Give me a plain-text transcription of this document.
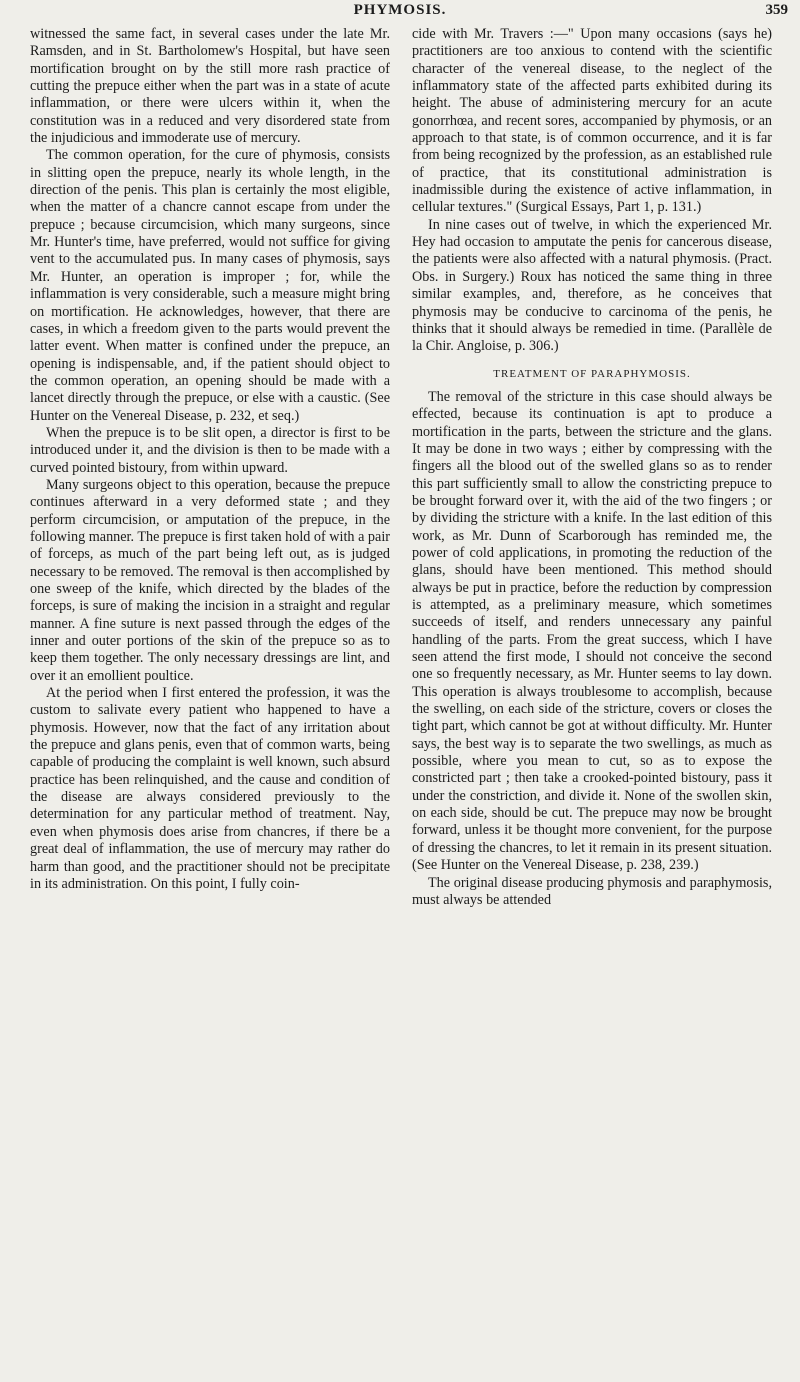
PHYMOSIS.	359

witnessed the same fact, in several cases under the late Mr. Ramsden, and in St. Bartholomew's Hospital, but have seen mortification brought on by the still more rash practice of cutting the prepuce either when the part was in a state of acute inflammation, or there were ulcers within it, when the constitution was in a reduced and very disordered state from the injudicious and immoderate use of mercury.

The common operation, for the cure of phymosis, consists in slitting open the prepuce, nearly its whole length, in the direction of the penis. This plan is certainly the most eligible, when the matter of a chancre cannot escape from under the prepuce ; because circumcision, which many surgeons, since Mr. Hunter's time, have preferred, would not suffice for giving vent to the accumulated pus. In many cases of phymosis, says Mr. Hunter, an operation is improper ; for, while the inflammation is very considerable, such a measure might bring on mortification. He acknowledges, however, that there are cases, in which a freedom given to the parts would prevent the latter event. When matter is confined under the prepuce, an opening is indispensable, and, if the patient should object to the common operation, an opening should be made with a lancet directly through the prepuce, or else with a caustic. (See Hunter on the Venereal Disease, p. 232, et seq.)

When the prepuce is to be slit open, a director is first to be introduced under it, and the division is then to be made with a curved pointed bistoury, from within upward.

Many surgeons object to this operation, because the prepuce continues afterward in a very deformed state ; and they perform circumcision, or amputation of the prepuce, in the following manner. The prepuce is first taken hold of with a pair of forceps, as much of the part being left out, as is judged necessary to be removed. The removal is then accomplished by one sweep of the knife, which directed by the blades of the forceps, is sure of making the incision in a straight and regular manner. A fine suture is next passed through the edges of the inner and outer portions of the skin of the prepuce so as to keep them together. The only necessary dressings are lint, and over it an emollient poultice.

At the period when I first entered the profession, it was the custom to salivate every patient who happened to have a phymosis. However, now that the fact of any irritation about the prepuce and glans penis, even that of common warts, being capable of producing the complaint is well known, such absurd practice has been relinquished, and the cause and condition of the disease are always considered previously to the determination for any particular method of treatment. Nay, even when phymosis does arise from chancres, if there be a great deal of inflammation, the use of mercury may rather do harm than good, and the practitioner should not be precipitate in its administration. On this point, I fully coin-

cide with Mr. Travers :—" Upon many occasions (says he) practitioners are too anxious to contend with the scientific character of the venereal disease, to the neglect of the inflammatory state of the affected parts exhibited during its height. The abuse of administering mercury for an acute gonorrhœa, and recent sores, accompanied by phymosis, or an approach to that state, is of common occurrence, and it is far from being recognized by the profession, as an established rule of practice, that its constitutional administration is inadmissible during the existence of active inflammation, in cellular textures." (Surgical Essays, Part 1, p. 131.)

In nine cases out of twelve, in which the experienced Mr. Hey had occasion to amputate the penis for cancerous disease, the patients were also affected with a natural phymosis. (Pract. Obs. in Surgery.) Roux has noticed the same thing in three similar examples, and, therefore, as he conceives that phymosis may be conducive to carcinoma of the penis, he thinks that it should always be remedied in time. (Parallèle de la Chir. Angloise, p. 306.)

TREATMENT OF PARAPHYMOSIS.

The removal of the stricture in this case should always be effected, because its continuation is apt to produce a mortification in the parts, between the stricture and the glans. It may be done in two ways ; either by compressing with the fingers all the blood out of the swelled glans so as to render this part sufficiently small to allow the constricting prepuce to be brought forward over it, with the aid of the two fingers ; or by dividing the stricture with a knife. In the last edition of this work, as Mr. Dunn of Scarborough has reminded me, the power of cold applications, in promoting the reduction of the glans, should have been mentioned. This method should always be put in practice, before the reduction by compression is attempted, as a preliminary measure, which sometimes succeeds of itself, and renders unnecessary any painful handling of the parts. From the great success, which I have seen attend the first mode, I should not conceive the second one so frequently necessary, as Mr. Hunter seems to lay down. This operation is always troublesome to accomplish, because the swelling, on each side of the stricture, covers or closes the tight part, which cannot be got at without difficulty. Mr. Hunter says, the best way is to separate the two swellings, as much as possible, where you mean to cut, so as to expose the constricted part ; then take a crooked-pointed bistoury, pass it under the constriction, and divide it. None of the swollen skin, on each side, should be cut. The prepuce may now be brought forward, unless it be thought more convenient, for the purpose of dressing the chancres, to let it remain in its present situation. (See Hunter on the Venereal Disease, p. 238, 239.)

The original disease producing phymosis and paraphymosis, must always be attended
